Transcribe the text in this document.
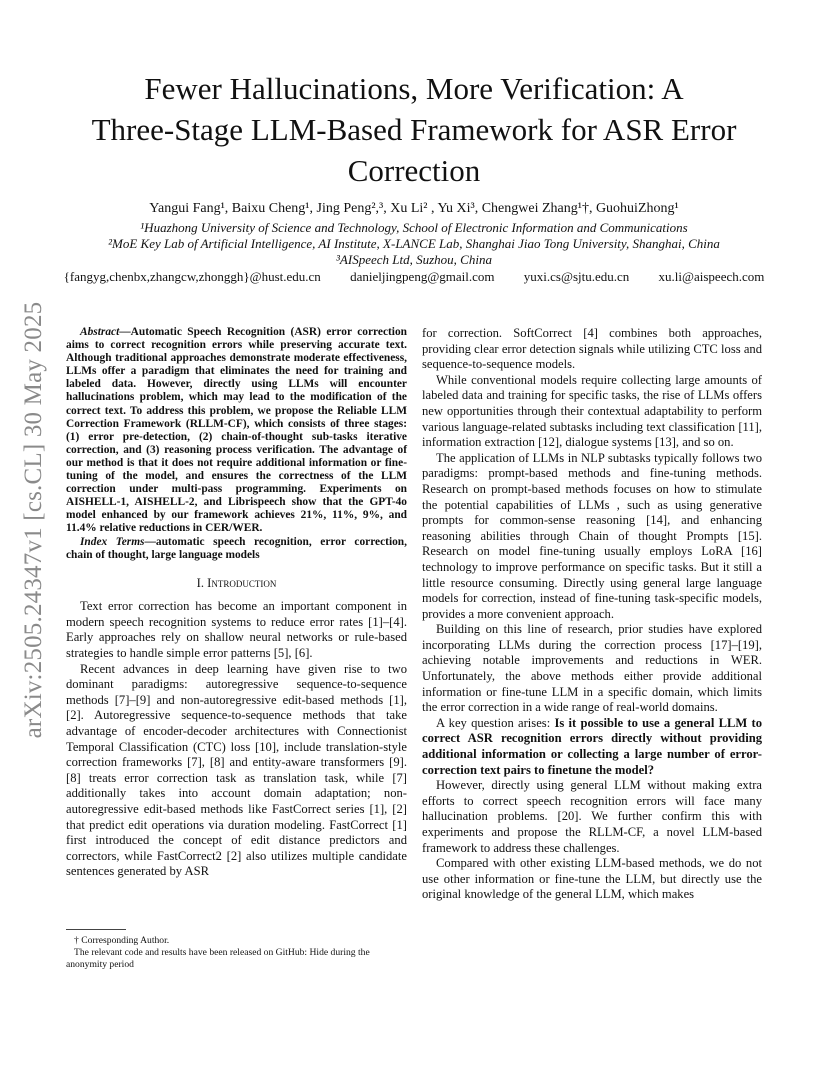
arXiv:2505.24347v1 [cs.CL] 30 May 2025
Fewer Hallucinations, More Verification: A
Three-Stage LLM-Based Framework for ASR Error
Correction
Yangui Fang¹, Baixu Cheng¹, Jing Peng²,³, Xu Li² , Yu Xi³, Chengwei Zhang¹†, GuohuiZhong¹
¹Huazhong University of Science and Technology, School of Electronic Information and Communications
²MoE Key Lab of Artificial Intelligence, AI Institute, X-LANCE Lab, Shanghai Jiao Tong University, Shanghai, China
³AISpeech Ltd, Suzhou, China
{fangyg,chenbx,zhangcw,zhonggh}@hust.edu.cn danieljingpeng@gmail.com yuxi.cs@sjtu.edu.cn xu.li@aispeech.com

Abstract—Automatic Speech Recognition (ASR) error correction aims to correct recognition errors while preserving accurate text. Although traditional approaches demonstrate moderate effectiveness, LLMs offer a paradigm that eliminates the need for training and labeled data. However, directly using LLMs will encounter hallucinations problem, which may lead to the modification of the correct text. To address this problem, we propose the Reliable LLM Correction Framework (RLLM-CF), which consists of three stages: (1) error pre-detection, (2) chain-of-thought sub-tasks iterative correction, and (3) reasoning process verification. The advantage of our method is that it does not require additional information or fine-tuning of the model, and ensures the correctness of the LLM correction under multi-pass programming. Experiments on AISHELL-1, AISHELL-2, and Librispeech show that the GPT-4o model enhanced by our framework achieves 21%, 11%, 9%, and 11.4% relative reductions in CER/WER.

Index Terms—automatic speech recognition, error correction, chain of thought, large language models

I. Introduction

Text error correction has become an important component in modern speech recognition systems to reduce error rates [1]–[4]. Early approaches rely on shallow neural networks or rule-based strategies to handle simple error patterns [5], [6].

Recent advances in deep learning have given rise to two dominant paradigms: autoregressive sequence-to-sequence methods [7]–[9] and non-autoregressive edit-based methods [1], [2]. Autoregressive sequence-to-sequence methods that take advantage of encoder-decoder architectures with Connectionist Temporal Classification (CTC) loss [10], include translation-style correction frameworks [7], [8] and entity-aware transformers [9]. [8] treats error correction task as translation task, while [7] additionally takes into account domain adaptation; non-autoregressive edit-based methods like FastCorrect series [1], [2] that predict edit operations via duration modeling. FastCorrect [1] first introduced the concept of edit distance predictors and correctors, while FastCorrect2 [2] also utilizes multiple candidate sentences generated by ASR

† Corresponding Author.
The relevant code and results have been released on GitHub: Hide during the anonymity period

for correction. SoftCorrect [4] combines both approaches, providing clear error detection signals while utilizing CTC loss and sequence-to-sequence models.

While conventional models require collecting large amounts of labeled data and training for specific tasks, the rise of LLMs offers new opportunities through their contextual adaptability to perform various language-related subtasks including text classification [11], information extraction [12], dialogue systems [13], and so on.

The application of LLMs in NLP subtasks typically follows two paradigms: prompt-based methods and fine-tuning methods. Research on prompt-based methods focuses on how to stimulate the potential capabilities of LLMs , such as using generative prompts for common-sense reasoning [14], and enhancing reasoning abilities through Chain of thought Prompts [15]. Research on model fine-tuning usually employs LoRA [16] technology to improve performance on specific tasks. But it still a little resource consuming. Directly using general large language models for correction, instead of fine-tuning task-specific models, provides a more convenient approach.

Building on this line of research, prior studies have explored incorporating LLMs during the correction process [17]–[19], achieving notable improvements and reductions in WER. Unfortunately, the above methods either provide additional information or fine-tune LLM in a specific domain, which limits the error correction in a wide range of real-world domains.

A key question arises: Is it possible to use a general LLM to correct ASR recognition errors directly without providing additional information or collecting a large number of error-correction text pairs to finetune the model?

However, directly using general LLM without making extra efforts to correct speech recognition errors will face many hallucination problems. [20]. We further confirm this with experiments and propose the RLLM-CF, a novel LLM-based framework to address these challenges.

Compared with other existing LLM-based methods, we do not use other information or fine-tune the LLM, but directly use the original knowledge of the general LLM, which makes
